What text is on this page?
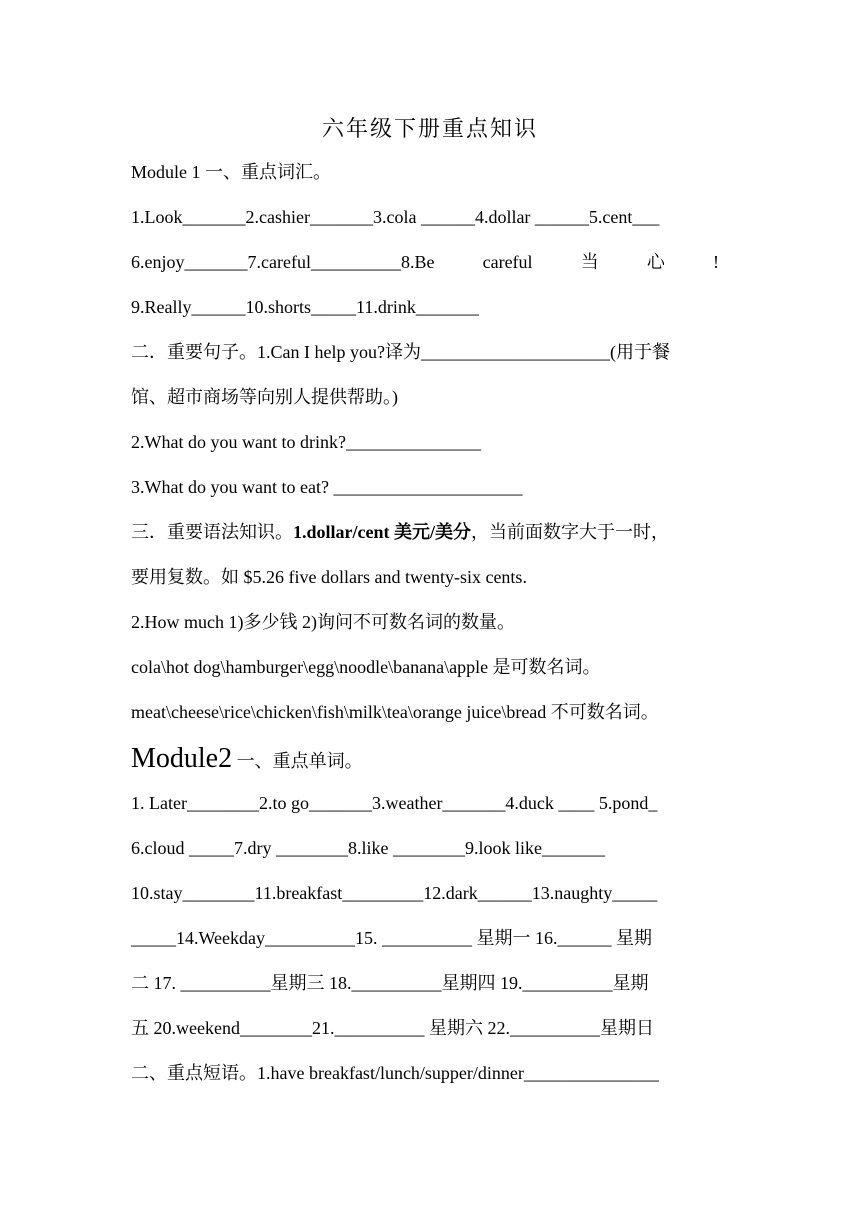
六年级下册重点知识
Module 1 一、重点词汇。
1.Look_______2.cashier_______3.cola ______4.dollar ______5.cent___
6.enjoy_______7.careful__________8.Be	careful	当	心	!
9.Really______10.shorts_____11.drink_______
二．重要句子。1.Can I help you?译为_____________________(用于餐
馆、超市商场等向别人提供帮助。)
2.What do you want to drink?_______________
3.What do you want to eat? _____________________
三．重要语法知识。1.dollar/cent 美元/美分，当前面数字大于一时，
要用复数。如 $5.26 five dollars and twenty-six cents.
2.How much 1)多少钱 2)询问不可数名词的数量。
cola\hot dog\hamburger\egg\noodle\banana\apple 是可数名词。
meat\cheese\rice\chicken\fish\milk\tea\orange juice\bread 不可数名词。
Module2 一、重点单词。
1. Later________2.to go_______3.weather_______4.duck ____ 5.pond_
6.cloud _____7.dry ________8.like ________9.look like_______
10.stay________11.breakfast_________12.dark______13.naughty_____
_____14.Weekday__________15. __________ 星期一 16.______ 星期
二 17. __________星期三 18.__________星期四 19.__________星期
五 20.weekend________21.__________ 星期六 22.__________星期日
二、重点短语。1.have breakfast/lunch/supper/dinner_______________
